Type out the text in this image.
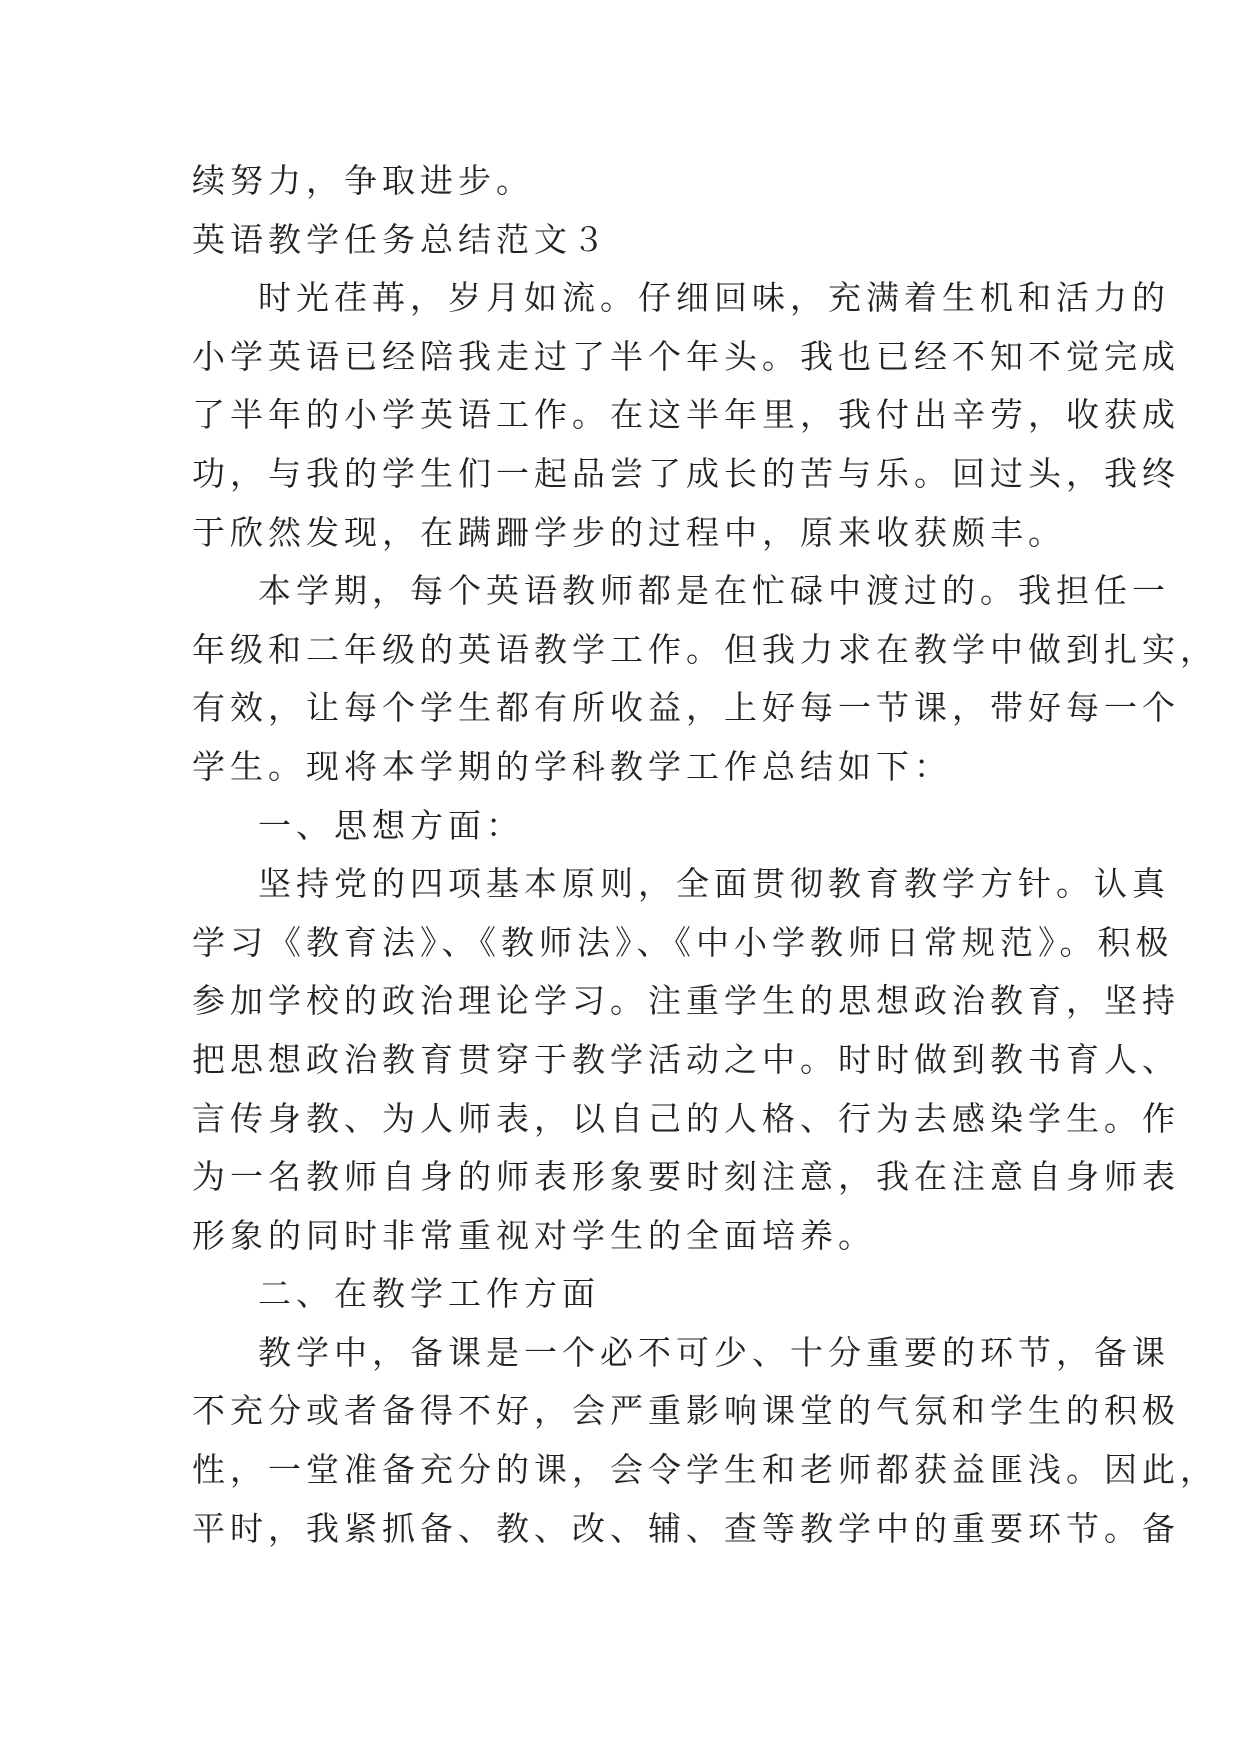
续努力，争取进步。

英语教学任务总结范文３

时光荏苒，岁月如流。仔细回味，充满着生机和活力的
小学英语已经陪我走过了半个年头。我也已经不知不觉完成
了半年的小学英语工作。在这半年里，我付出辛劳，收获成
功，与我的学生们一起品尝了成长的苦与乐。回过头，我终
于欣然发现，在蹒跚学步的过程中，原来收获颇丰。

本学期，每个英语教师都是在忙碌中渡过的。我担任一
年级和二年级的英语教学工作。但我力求在教学中做到扎实，
有效，让每个学生都有所收益，上好每一节课，带好每一个
学生。现将本学期的学科教学工作总结如下：

一、思想方面：

坚持党的四项基本原则，全面贯彻教育教学方针。认真
学习《教育法》、《教师法》、《中小学教师日常规范》。积极
参加学校的政治理论学习。注重学生的思想政治教育，坚持
把思想政治教育贯穿于教学活动之中。时时做到教书育人、
言传身教、为人师表，以自己的人格、行为去感染学生。作
为一名教师自身的师表形象要时刻注意，我在注意自身师表
形象的同时非常重视对学生的全面培养。

二、在教学工作方面

教学中，备课是一个必不可少、十分重要的环节，备课
不充分或者备得不好，会严重影响课堂的气氛和学生的积极
性，一堂准备充分的课，会令学生和老师都获益匪浅。因此，
平时，我紧抓备、教、改、辅、查等教学中的重要环节。备
